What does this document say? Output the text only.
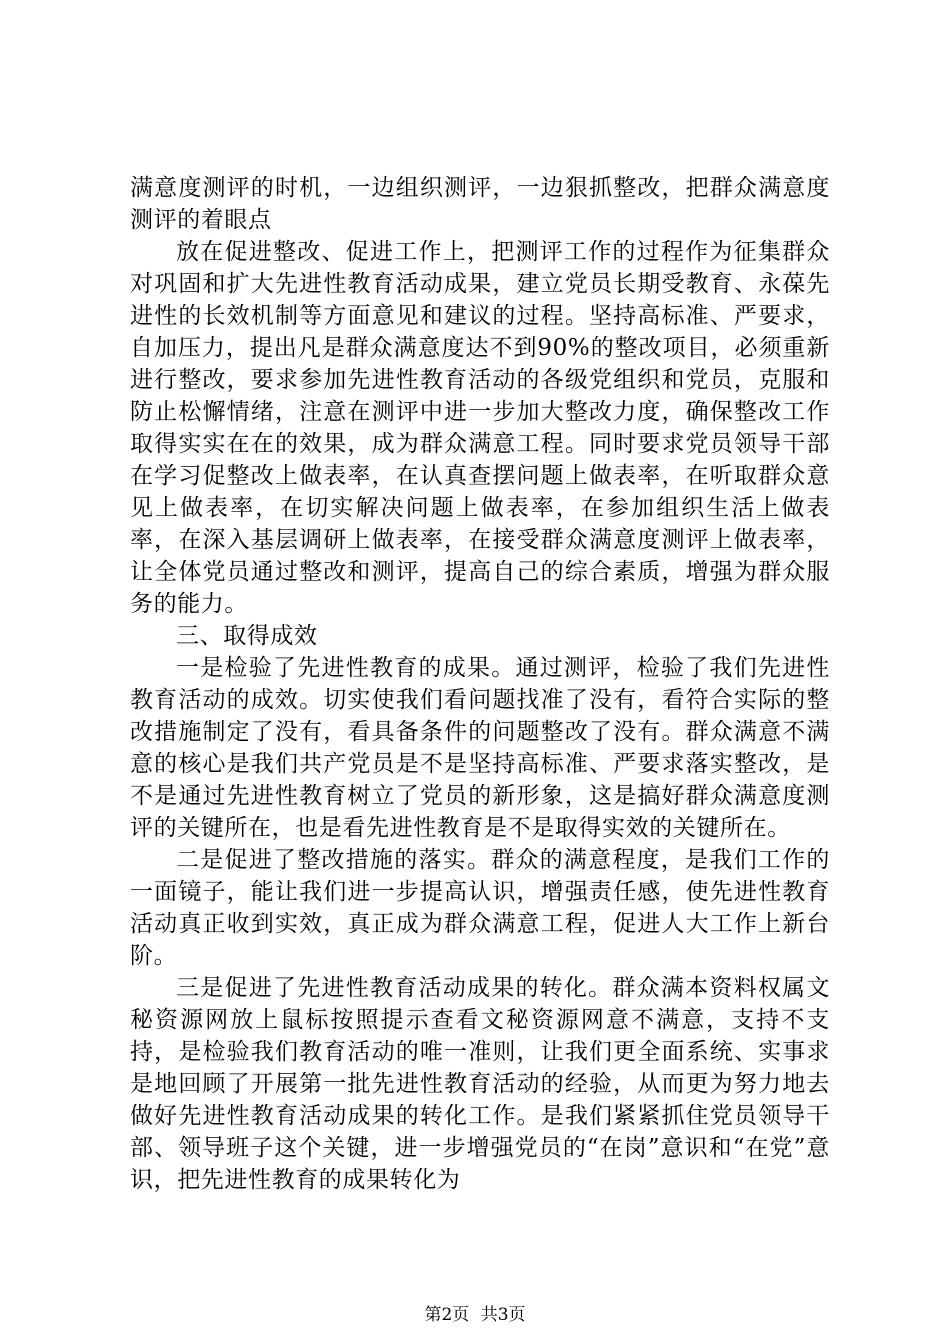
满意度测评的时机，一边组织测评，一边狠抓整改，把群众满意度测评的着眼点

放在促进整改、促进工作上，把测评工作的过程作为征集群众对巩固和扩大先进性教育活动成果，建立党员长期受教育、永葆先进性的长效机制等方面意见和建议的过程。坚持高标准、严要求，自加压力，提出凡是群众满意度达不到90%的整改项目，必须重新进行整改，要求参加先进性教育活动的各级党组织和党员，克服和防止松懈情绪，注意在测评中进一步加大整改力度，确保整改工作取得实实在在的效果，成为群众满意工程。同时要求党员领导干部在学习促整改上做表率，在认真查摆问题上做表率，在听取群众意见上做表率，在切实解决问题上做表率，在参加组织生活上做表率，在深入基层调研上做表率，在接受群众满意度测评上做表率，让全体党员通过整改和测评，提高自己的综合素质，增强为群众服务的能力。

三、取得成效

一是检验了先进性教育的成果。通过测评，检验了我们先进性教育活动的成效。切实使我们看问题找准了没有，看符合实际的整改措施制定了没有，看具备条件的问题整改了没有。群众满意不满意的核心是我们共产党员是不是坚持高标准、严要求落实整改，是不是通过先进性教育树立了党员的新形象，这是搞好群众满意度测评的关键所在，也是看先进性教育是不是取得实效的关键所在。

二是促进了整改措施的落实。群众的满意程度，是我们工作的一面镜子，能让我们进一步提高认识，增强责任感，使先进性教育活动真正收到实效，真正成为群众满意工程，促进人大工作上新台阶。

三是促进了先进性教育活动成果的转化。群众满本资料权属文秘资源网放上鼠标按照提示查看文秘资源网意不满意，支持不支持，是检验我们教育活动的唯一准则，让我们更全面系统、实事求是地回顾了开展第一批先进性教育活动的经验，从而更为努力地去做好先进性教育活动成果的转化工作。是我们紧紧抓住党员领导干部、领导班子这个关键，进一步增强党员的“在岗”意识和“在党”意识，把先进性教育的成果转化为

第2页 共3页
